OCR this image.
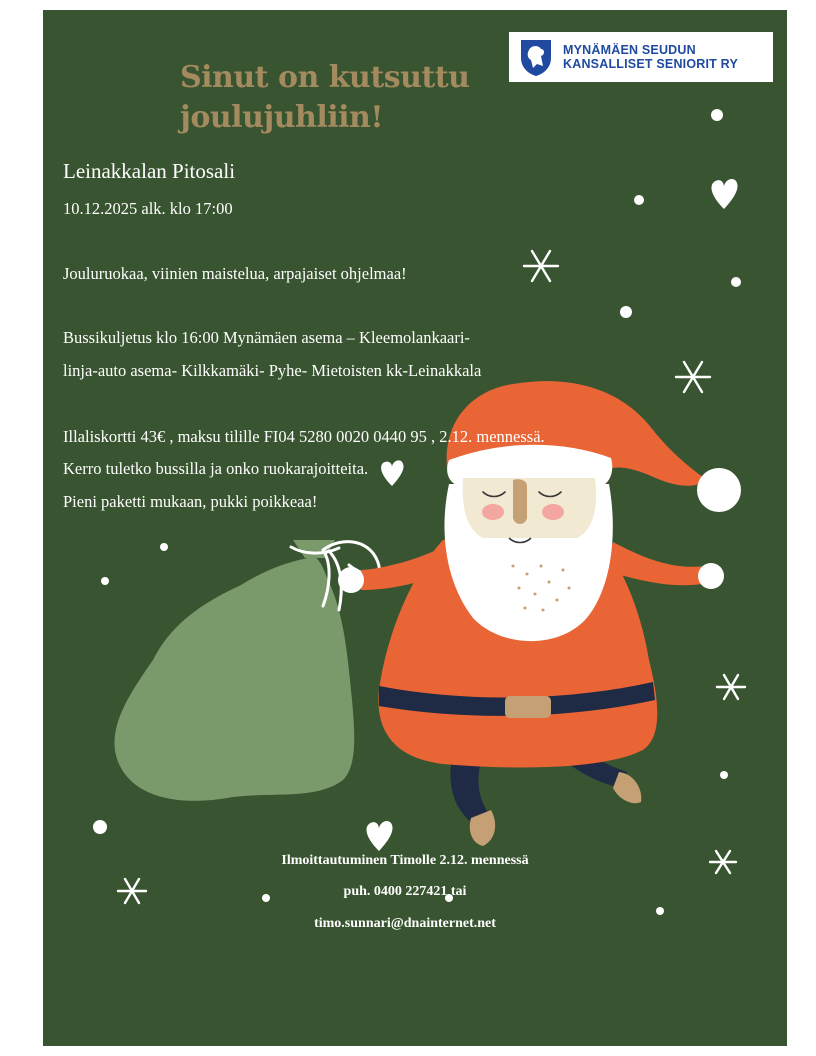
MYNÄMÄEN SEUDUN
KANSALLISET SENIORIT RY
Sinut on kutsuttu
joulujuhliin!
Leinakkalan Pitosali
10.12.2025 alk. klo 17:00
Jouluruokaa, viinien maistelua, arpajaiset ohjelmaa!
Bussikuljetus klo 16:00 Mynämäen asema – Kleemolankaari-
linja-auto asema- Kilkkamäki- Pyhe- Mietoisten kk-Leinakkala
Illaliskortti 43€ , maksu tilille FI04 5280 0020 0440 95 , 2.12. mennessä.
Kerro tuletko bussilla ja onko ruokarajoitteita.
Pieni paketti mukaan, pukki poikkeaa!
Ilmoittautuminen Timolle 2.12. mennessä
puh. 0400 227421 tai
timo.sunnari@dnainternet.net
